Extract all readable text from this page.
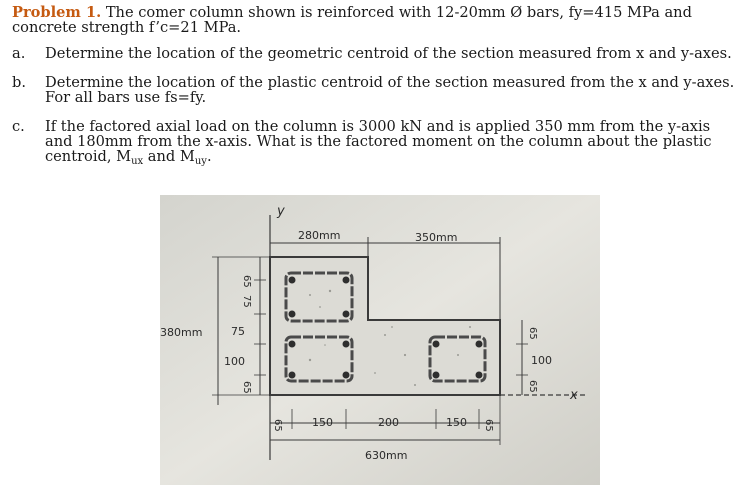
Problem 1. The comer column shown is reinforced with 12-20mm Ø bars, fy=415 MPa and concrete strength f’c=21 MPa.
a. Determine the location of the geometric centroid of the section measured from x and y-axes.
b. Determine the location of the plastic centroid of the section measured from the x and y-axes. For all bars use fs=fy.
c. If the factored axial load on the column is 3000 kN and is applied 350 mm from the y-axis and 180mm from the x-axis. What is the factored moment on the column about the plastic centroid, $M_{ux}$ and $M_{uy}$.
y
x
280mm	350mm
65
75
75
100
65
380mm
65	150	200	150 65
630mm
65
100
65
